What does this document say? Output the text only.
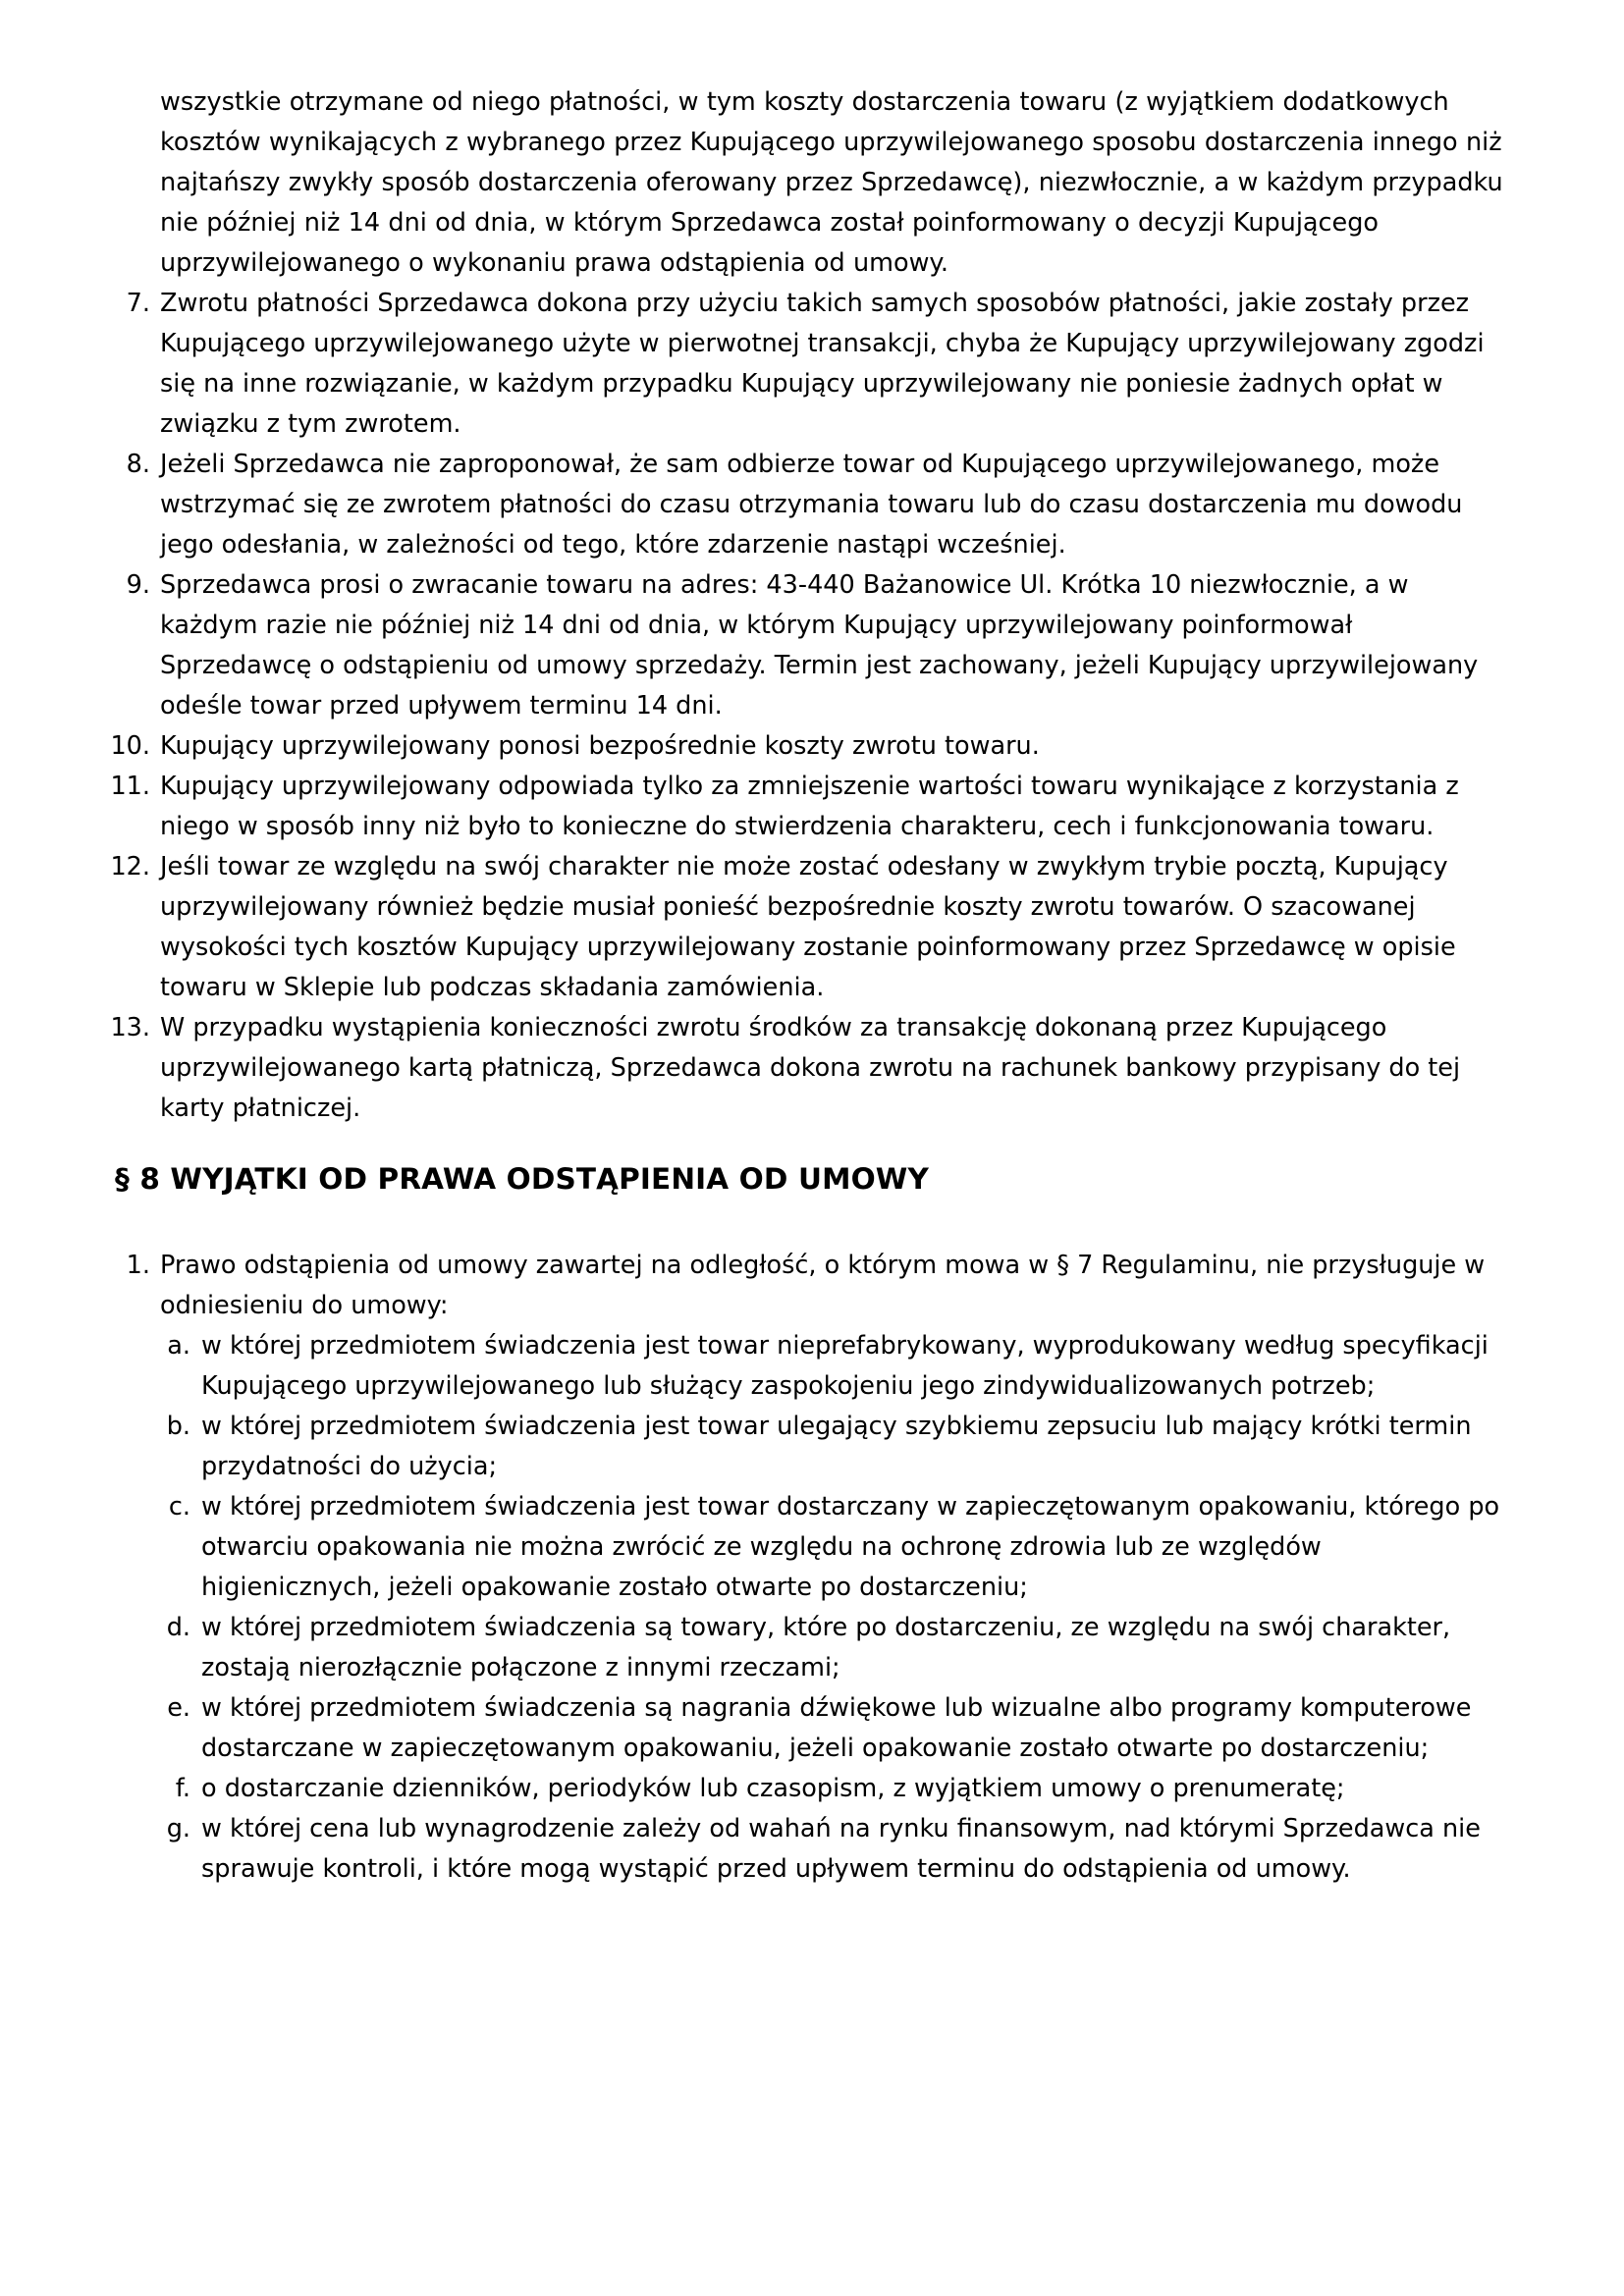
wszystkie otrzymane od niego płatności, w tym koszty dostarczenia towaru (z wyjątkiem dodatkowych kosztów wynikających z wybranego przez Kupującego uprzywilejowanego sposobu dostarczenia innego niż najtańszy zwykły sposób dostarczenia oferowany przez Sprzedawcę), niezwłocznie, a w każdym przypadku nie później niż 14 dni od dnia, w którym Sprzedawca został poinformowany o decyzji Kupującego uprzywilejowanego o wykonaniu prawa odstąpienia od umowy.

7. Zwrotu płatności Sprzedawca dokona przy użyciu takich samych sposobów płatności, jakie zostały przez Kupującego uprzywilejowanego użyte w pierwotnej transakcji, chyba że Kupujący uprzywilejowany zgodzi się na inne rozwiązanie, w każdym przypadku Kupujący uprzywilejowany nie poniesie żadnych opłat w związku z tym zwrotem.
8. Jeżeli Sprzedawca nie zaproponował, że sam odbierze towar od Kupującego uprzywilejowanego, może wstrzymać się ze zwrotem płatności do czasu otrzymania towaru lub do czasu dostarczenia mu dowodu jego odesłania, w zależności od tego, które zdarzenie nastąpi wcześniej.
9. Sprzedawca prosi o zwracanie towaru na adres: 43-440 Bażanowice Ul. Krótka 10 niezwłocznie, a w każdym razie nie później niż 14 dni od dnia, w którym Kupujący uprzywilejowany poinformował Sprzedawcę o odstąpieniu od umowy sprzedaży. Termin jest zachowany, jeżeli Kupujący uprzywilejowany odeśle towar przed upływem terminu 14 dni.
10. Kupujący uprzywilejowany ponosi bezpośrednie koszty zwrotu towaru.
11. Kupujący uprzywilejowany odpowiada tylko za zmniejszenie wartości towaru wynikające z korzystania z niego w sposób inny niż było to konieczne do stwierdzenia charakteru, cech i funkcjonowania towaru.
12. Jeśli towar ze względu na swój charakter nie może zostać odesłany w zwykłym trybie pocztą, Kupujący uprzywilejowany również będzie musiał ponieść bezpośrednie koszty zwrotu towarów. O szacowanej wysokości tych kosztów Kupujący uprzywilejowany zostanie poinformowany przez Sprzedawcę w opisie towaru w Sklepie lub podczas składania zamówienia.
13. W przypadku wystąpienia konieczności zwrotu środków za transakcję dokonaną przez Kupującego uprzywilejowanego kartą płatniczą, Sprzedawca dokona zwrotu na rachunek bankowy przypisany do tej karty płatniczej.
§ 8 WYJĄTKI OD PRAWA ODSTĄPIENIA OD UMOWY
1. Prawo odstąpienia od umowy zawartej na odległość, o którym mowa w § 7 Regulaminu, nie przysługuje w odniesieniu do umowy:
a. w której przedmiotem świadczenia jest towar nieprefabrykowany, wyprodukowany według specyfikacji Kupującego uprzywilejowanego lub służący zaspokojeniu jego zindywidualizowanych potrzeb;
b. w której przedmiotem świadczenia jest towar ulegający szybkiemu zepsuciu lub mający krótki termin przydatności do użycia;
c. w której przedmiotem świadczenia jest towar dostarczany w zapieczętowanym opakowaniu, którego po otwarciu opakowania nie można zwrócić ze względu na ochronę zdrowia lub ze względów higienicznych, jeżeli opakowanie zostało otwarte po dostarczeniu;
d. w której przedmiotem świadczenia są towary, które po dostarczeniu, ze względu na swój charakter, zostają nierozłącznie połączone z innymi rzeczami;
e. w której przedmiotem świadczenia są nagrania dźwiękowe lub wizualne albo programy komputerowe dostarczane w zapieczętowanym opakowaniu, jeżeli opakowanie zostało otwarte po dostarczeniu;
f. o dostarczanie dzienników, periodyków lub czasopism, z wyjątkiem umowy o prenumeratę;
g. w której cena lub wynagrodzenie zależy od wahań na rynku finansowym, nad którymi Sprzedawca nie sprawuje kontroli, i które mogą wystąpić przed upływem terminu do odstąpienia od umowy.
